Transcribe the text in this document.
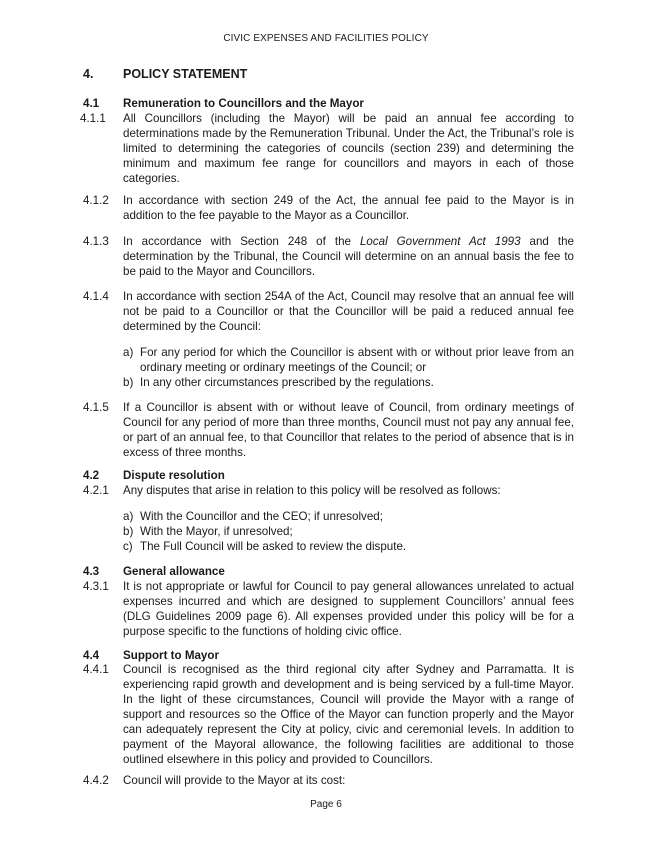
CIVIC EXPENSES AND FACILITIES POLICY
4. POLICY STATEMENT
4.1 Remuneration to Councillors and the Mayor
4.1.1 All Councillors (including the Mayor) will be paid an annual fee according to determinations made by the Remuneration Tribunal. Under the Act, the Tribunal’s role is limited to determining the categories of councils (section 239) and determining the minimum and maximum fee range for councillors and mayors in each of those categories.
4.1.2 In accordance with section 249 of the Act, the annual fee paid to the Mayor is in addition to the fee payable to the Mayor as a Councillor.
4.1.3 In accordance with Section 248 of the Local Government Act 1993 and the determination by the Tribunal, the Council will determine on an annual basis the fee to be paid to the Mayor and Councillors.
4.1.4 In accordance with section 254A of the Act, Council may resolve that an annual fee will not be paid to a Councillor or that the Councillor will be paid a reduced annual fee determined by the Council:
a) For any period for which the Councillor is absent with or without prior leave from an ordinary meeting or ordinary meetings of the Council; or
b) In any other circumstances prescribed by the regulations.
4.1.5 If a Councillor is absent with or without leave of Council, from ordinary meetings of Council for any period of more than three months, Council must not pay any annual fee, or part of an annual fee, to that Councillor that relates to the period of absence that is in excess of three months.
4.2 Dispute resolution
4.2.1 Any disputes that arise in relation to this policy will be resolved as follows:
a) With the Councillor and the CEO; if unresolved;
b) With the Mayor, if unresolved;
c) The Full Council will be asked to review the dispute.
4.3 General allowance
4.3.1 It is not appropriate or lawful for Council to pay general allowances unrelated to actual expenses incurred and which are designed to supplement Councillors’ annual fees (DLG Guidelines 2009 page 6). All expenses provided under this policy will be for a purpose specific to the functions of holding civic office.
4.4 Support to Mayor
4.4.1 Council is recognised as the third regional city after Sydney and Parramatta. It is experiencing rapid growth and development and is being serviced by a full-time Mayor. In the light of these circumstances, Council will provide the Mayor with a range of support and resources so the Office of the Mayor can function properly and the Mayor can adequately represent the City at policy, civic and ceremonial levels. In addition to payment of the Mayoral allowance, the following facilities are additional to those outlined elsewhere in this policy and provided to Councillors.
4.4.2 Council will provide to the Mayor at its cost:
Page 6
